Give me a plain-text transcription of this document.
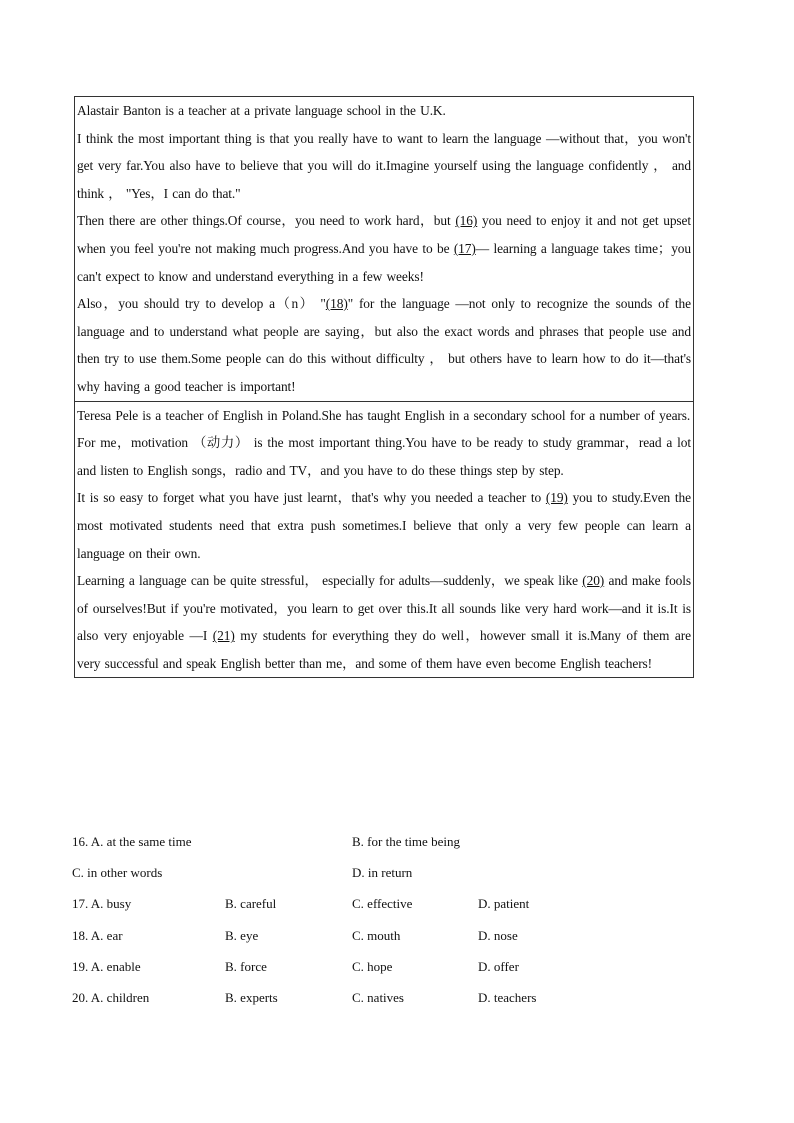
Alastair Banton is a teacher at a private language school in the U.K.

I think the most important thing is that you really have to want to learn the language —without that，you won't get very far.You also have to believe that you will do it.Imagine yourself using the language confidently ， and think ， "Yes，I can do that."

Then there are other things.Of course，you need to work hard，but (16) you need to enjoy it and not get upset when you feel you're not making much progress.And you have to be (17)— learning a language takes time；you can't expect to know and understand everything in a few weeks!

Also，you should try to develop a（n） "(18)" for the language —not only to recognize the sounds of the language and to understand what people are saying，but also the exact words and phrases that people use and then try to use them.Some people can do this without difficulty ， but others have to learn how to do it—that's why having a good teacher is important!

Teresa Pele is a teacher of English in Poland.She has taught English in a secondary school for a number of years.

For me，motivation （动力） is the most important thing.You have to be ready to study grammar，read a lot and listen to English songs，radio and TV，and you have to do these things step by step.

It is so easy to forget what you have just learnt，that's why you needed a teacher to (19) you to study.Even the most motivated students need that extra push sometimes.I believe that only a very few people can learn a language on their own.

Learning a language can be quite stressful， especially for adults—suddenly，we speak like (20) and make fools of ourselves!But if you're motivated，you learn to get over this.It all sounds like very hard work—and it is.It is also very enjoyable —I (21) my students for everything they do well，however small it is.Many of them are very successful and speak English better than me，and some of them have even become English teachers!

16. A. at the same time	B. for the time being
C. in other words	D. in return
17. A. busy	B. careful	C. effective	D. patient
18. A. ear	B. eye	C. mouth	D. nose
19. A. enable	B. force	C. hope	D. offer
20. A. children	B. experts	C. natives	D. teachers
